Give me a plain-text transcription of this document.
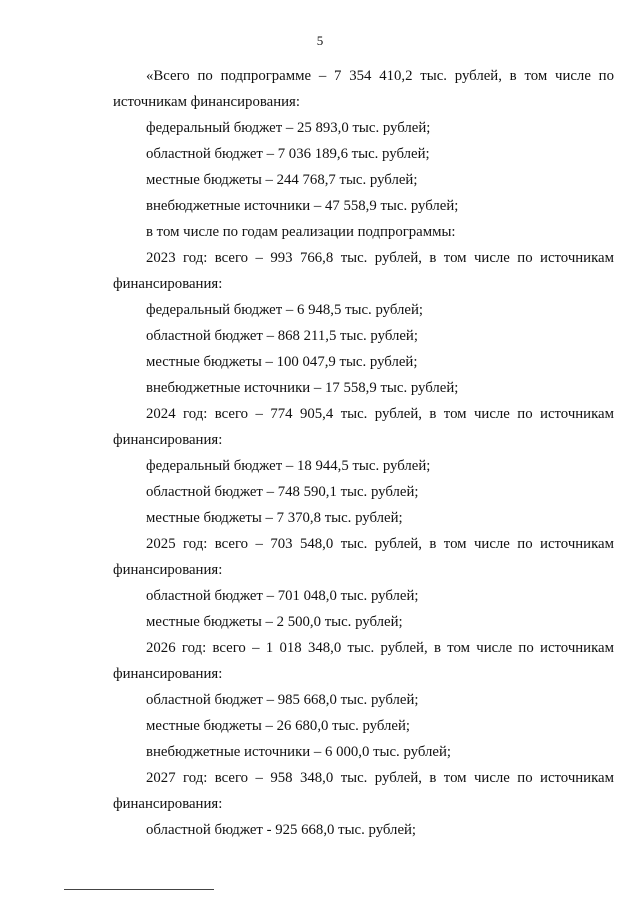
5
«Всего по подпрограмме – 7 354 410,2 тыс. рублей, в том числе по
источникам финансирования:
федеральный бюджет – 25 893,0 тыс. рублей;
областной бюджет – 7 036 189,6 тыс. рублей;
местные бюджеты – 244 768,7 тыс. рублей;
внебюджетные источники – 47 558,9 тыс. рублей;
в том числе по годам реализации подпрограммы:
2023 год: всего – 993 766,8 тыс. рублей, в том числе по источникам
финансирования:
федеральный бюджет – 6 948,5 тыс. рублей;
областной бюджет – 868 211,5 тыс. рублей;
местные бюджеты – 100 047,9 тыс. рублей;
внебюджетные источники – 17 558,9 тыс. рублей;
2024 год: всего – 774 905,4 тыс. рублей, в том числе по источникам
финансирования:
федеральный бюджет – 18 944,5 тыс. рублей;
областной бюджет – 748 590,1 тыс. рублей;
местные бюджеты – 7 370,8 тыс. рублей;
2025 год: всего – 703 548,0 тыс. рублей, в том числе по источникам
финансирования:
областной бюджет – 701 048,0 тыс. рублей;
местные бюджеты – 2 500,0 тыс. рублей;
2026 год: всего – 1 018 348,0 тыс. рублей, в том числе по источникам
финансирования:
областной бюджет – 985 668,0 тыс. рублей;
местные бюджеты – 26 680,0 тыс. рублей;
внебюджетные источники – 6 000,0 тыс. рублей;
2027 год: всего – 958 348,0 тыс. рублей, в том числе по источникам
финансирования:
областной бюджет - 925 668,0 тыс. рублей;
